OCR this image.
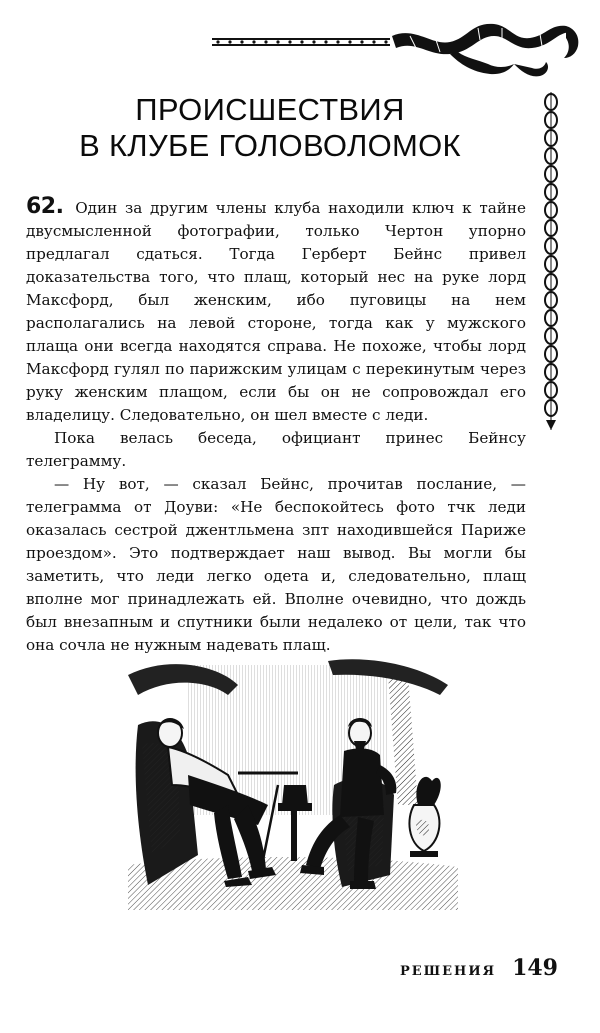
ПРОИСШЕСТВИЯ
В КЛУБЕ ГОЛОВОЛОМОК

62. Один за другим члены клуба находили ключ к тайне двусмысленной фотографии, только Чертон упорно предлагал сдаться. Тогда Герберт Бейнс привел доказательства того, что плащ, который нес на руке лорд Максфорд, был женским, ибо пуговицы на нем располагались на левой стороне, тогда как у мужского плаща они всегда находятся справа. Не похоже, чтобы лорд Максфорд гулял по парижским улицам с перекинутым через руку женским плащом, если бы он не сопровождал его владелицу. Следовательно, он шел вместе с леди.

Пока велась беседа, официант принес Бейнсу телеграмму.

— Ну вот, — сказал Бейнс, прочитав послание, — телеграмма от Доуви: «Не беспокойтесь фото тчк леди оказалась сестрой джентльмена зпт находившейся Париже проездом». Это подтверждает наш вывод. Вы могли бы заметить, что леди легко одета и, следовательно, плащ вполне мог принадлежать ей. Вполне очевидно, что дождь был внезапным и спутники были недалеко от цели, так что она сочла не нужным надевать плащ.

РЕШЕНИЯ 149
